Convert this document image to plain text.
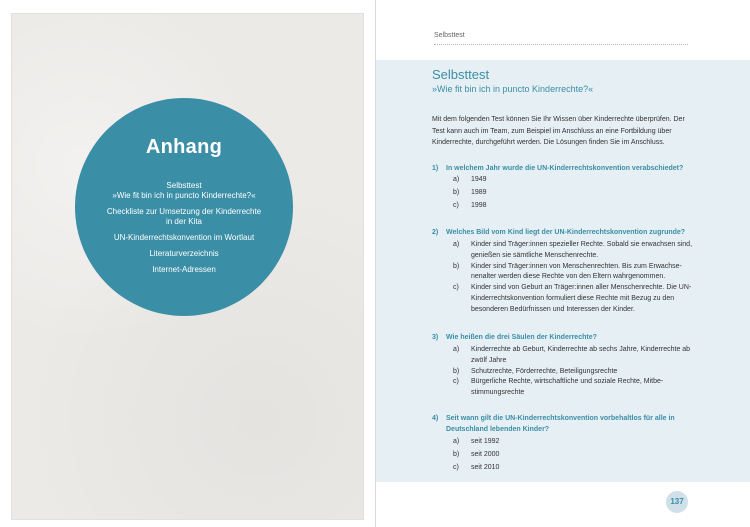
Anhang
Selbsttest
»Wie fit bin ich in puncto Kinderrechte?«
Checkliste zur Umsetzung der Kinderrechte
in der Kita
UN-Kinderrechtskonvention im Wortlaut
Literaturverzeichnis
Internet-Adressen
Selbsttest
Selbsttest
»Wie fit bin ich in puncto Kinderrechte?«
Mit dem folgenden Test können Sie Ihr Wissen über Kinderrechte überprüfen. Der Test kann auch im Team, zum Beispiel im Anschluss an eine Fortbildung über Kinderrechte, durchgeführt werden. Die Lösungen finden Sie im Anschluss.
1) In welchem Jahr wurde die UN-Kinderrechtskonvention verabschiedet?
a) 1949
b) 1989
c) 1998
2) Welches Bild vom Kind liegt der UN-Kinderrechtskonvention zugrunde?
a) Kinder sind Träger:innen spezieller Rechte. Sobald sie erwachsen sind, genießen sie sämtliche Menschenrechte.
b) Kinder sind Träger:innen von Menschenrechten. Bis zum Erwachse-nenalter werden diese Rechte von den Eltern wahrgenommen.
c) Kinder sind von Geburt an Träger:innen aller Menschenrechte. Die UN-Kinderrechtskonvention formuliert diese Rechte mit Bezug zu den besonderen Bedürfnissen und Interessen der Kinder.
3) Wie heißen die drei Säulen der Kinderrechte?
a) Kinderrechte ab Geburt, Kinderrechte ab sechs Jahre, Kinderrechte ab zwölf Jahre
b) Schutzrechte, Förderrechte, Beteiligungsrechte
c) Bürgerliche Rechte, wirtschaftliche und soziale Rechte, Mitbe-stimmungsrechte
4) Seit wann gilt die UN-Kinderrechtskonvention vorbehaltlos für alle in Deutschland lebenden Kinder?
a) seit 1992
b) seit 2000
c) seit 2010
137
